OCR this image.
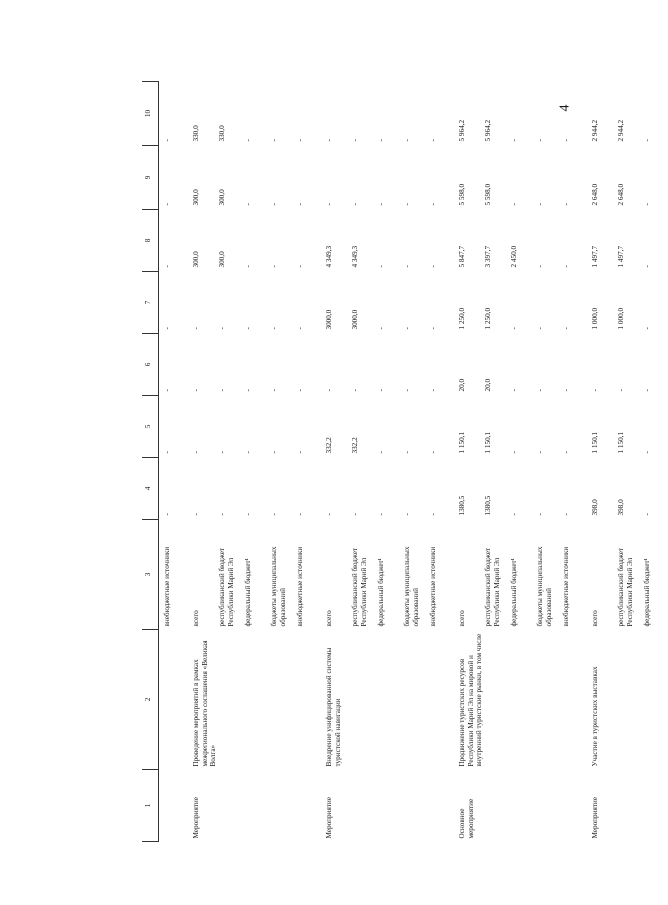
4
1	2	3	4	5	6	7	8	9	10
		внебюджетные источники	-	-	-	-	-	-	-
Мероприятие	Проведение мероприятий в рамках межрегионального соглашения «Великая Волга»	всего	-	-	-	-	300,0	300,0	330,0
		республиканский бюджет Республики Марий Эл	-	-	-	-	300,0	300,0	330,0
		федеральный бюджет¹	-	-	-	-	-	-	-
		бюджеты муниципальных образований	-	-	-	-	-	-	-
		внебюджетные источники	-	-	-	-	-	-	-
Мероприятие	Внедрение унифицированной системы туристской навигации	всего	-	332,2	-	3000,0	4 349,3	-	-
		республиканский бюджет Республики Марий Эл	-	332,2	-	3000,0	4 349,3	-	-
		федеральный бюджет¹	-	-	-	-	-	-	-
		бюджеты муниципальных образований	-	-	-	-	-	-	-
		внебюджетные источники	-	-	-	-	-	-	-
Основное мероприятие	Продвижение туристских ресурсов Республики Марий Эл на мировой и внутренний туристские рынки, в том числе	всего	1380,5	1 150,1	20,0	1 250,0	5 847,7	5 598,0	5 964,2
		республиканский бюджет Республики Марий Эл	1380,5	1 150,1	20,0	1 250,0	3 397,7	5 598,0	5 964,2
		федеральный бюджет¹	-	-	-	-	2 450,0	-	-
		бюджеты муниципальных образований	-	-	-	-	-	-	-
		внебюджетные источники	-	-	-	-	-	-	-
Мероприятие	Участие в туристских выставках	всего	398,0	1 150,1	-	1 000,0	1 497,7	2 648,0	2 944,2
		республиканский бюджет Республики Марий Эл	398,0	1 150,1	-	1 000,0	1 497,7	2 648,0	2 944,2
		федеральный бюджет¹	-	-	-	-	-	-	-
